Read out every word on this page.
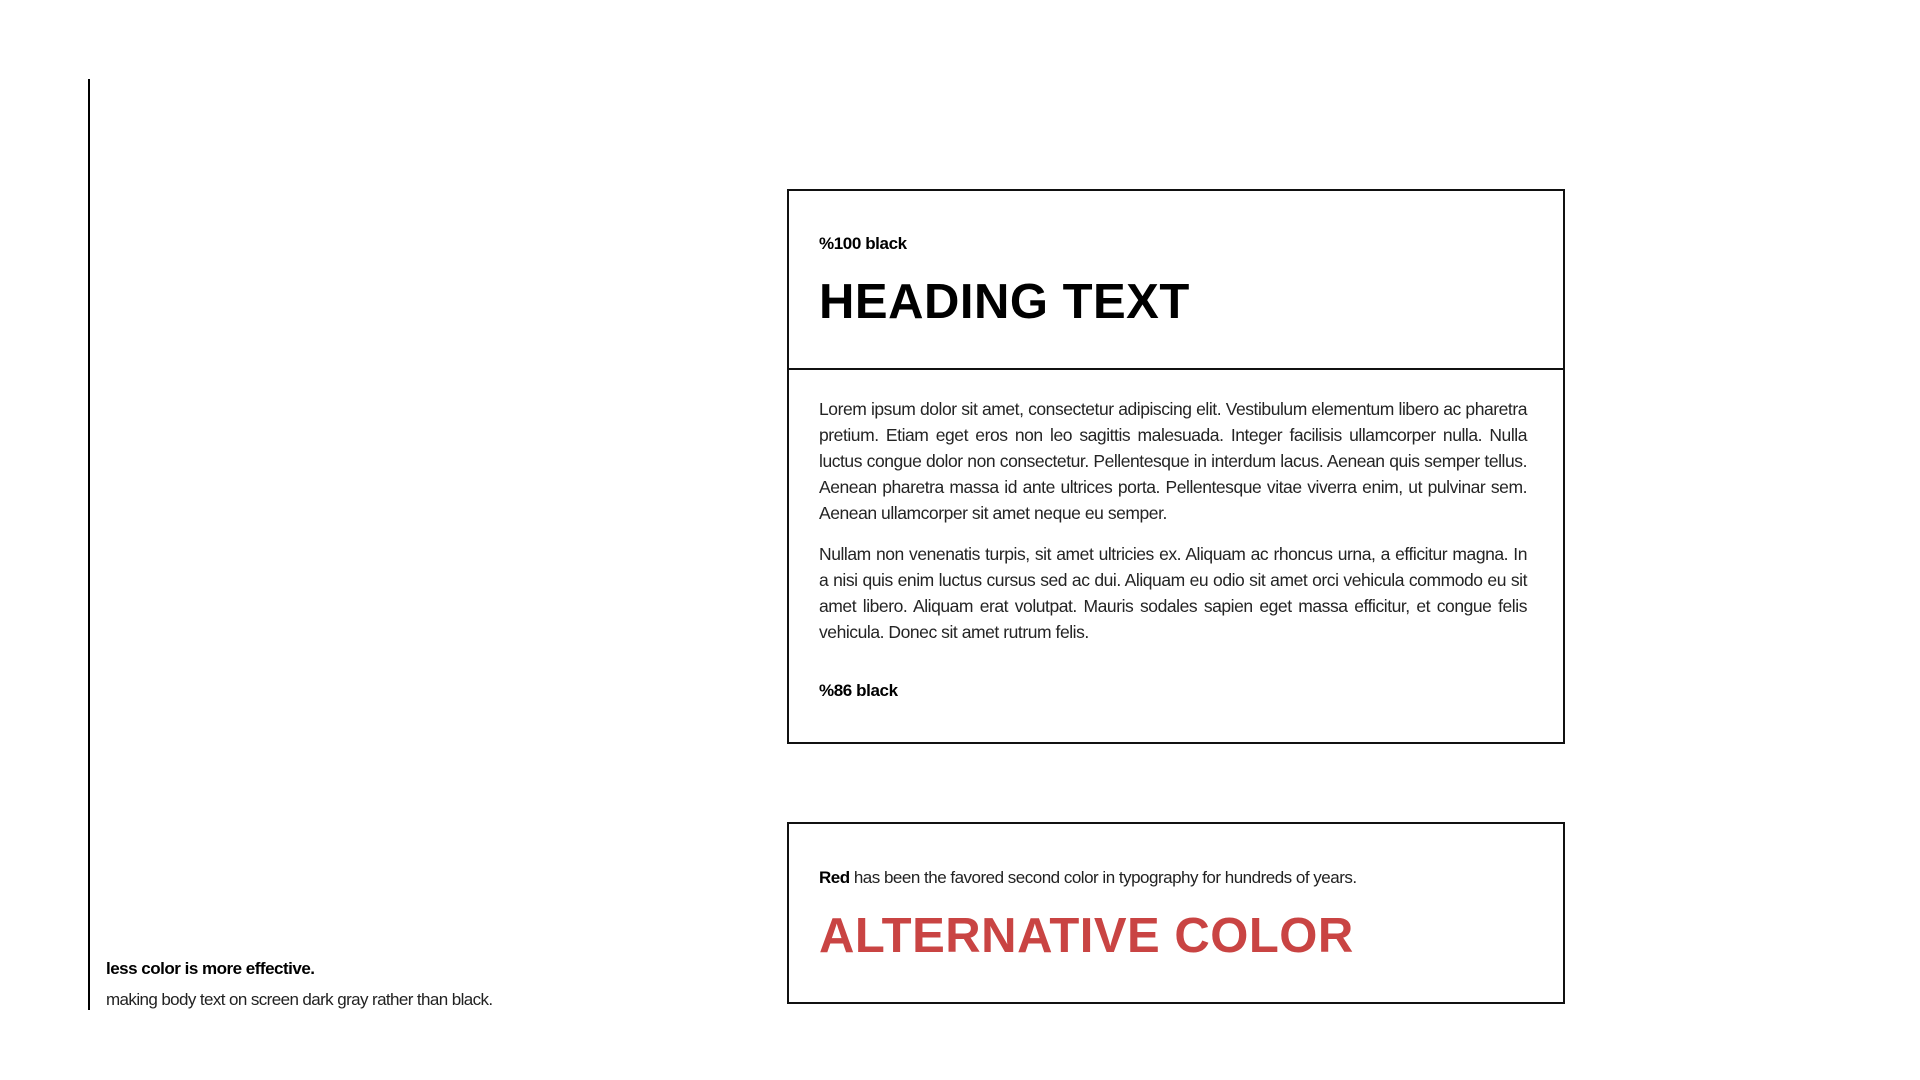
less color is more effective.
making body text on screen dark gray rather than black.
%100 black
HEADING TEXT

Lorem ipsum dolor sit amet, consectetur adipiscing elit. Vestibulum elementum libero ac pharetra pretium. Etiam eget eros non leo sagittis malesuada. Integer facilisis ullamcorper nulla. Nulla luctus congue dolor non consectetur. Pellentesque in interdum lacus. Aenean quis semper tellus. Aenean pharetra massa id ante ultrices porta. Pellentesque vitae viverra enim, ut pulvinar sem. Aenean ullamcorper sit amet neque eu semper.

Nullam non venenatis turpis, sit amet ultricies ex. Aliquam ac rhoncus urna, a efficitur magna. In a nisi quis enim luctus cursus sed ac dui. Aliquam eu odio sit amet orci vehicula commodo eu sit amet libero. Aliquam erat volutpat. Mauris sodales sapien eget massa efficitur, et congue felis vehicula. Donec sit amet rutrum felis.

%86 black
Red has been the favored second color in typography for hundreds of years.
ALTERNATIVE COLOR
